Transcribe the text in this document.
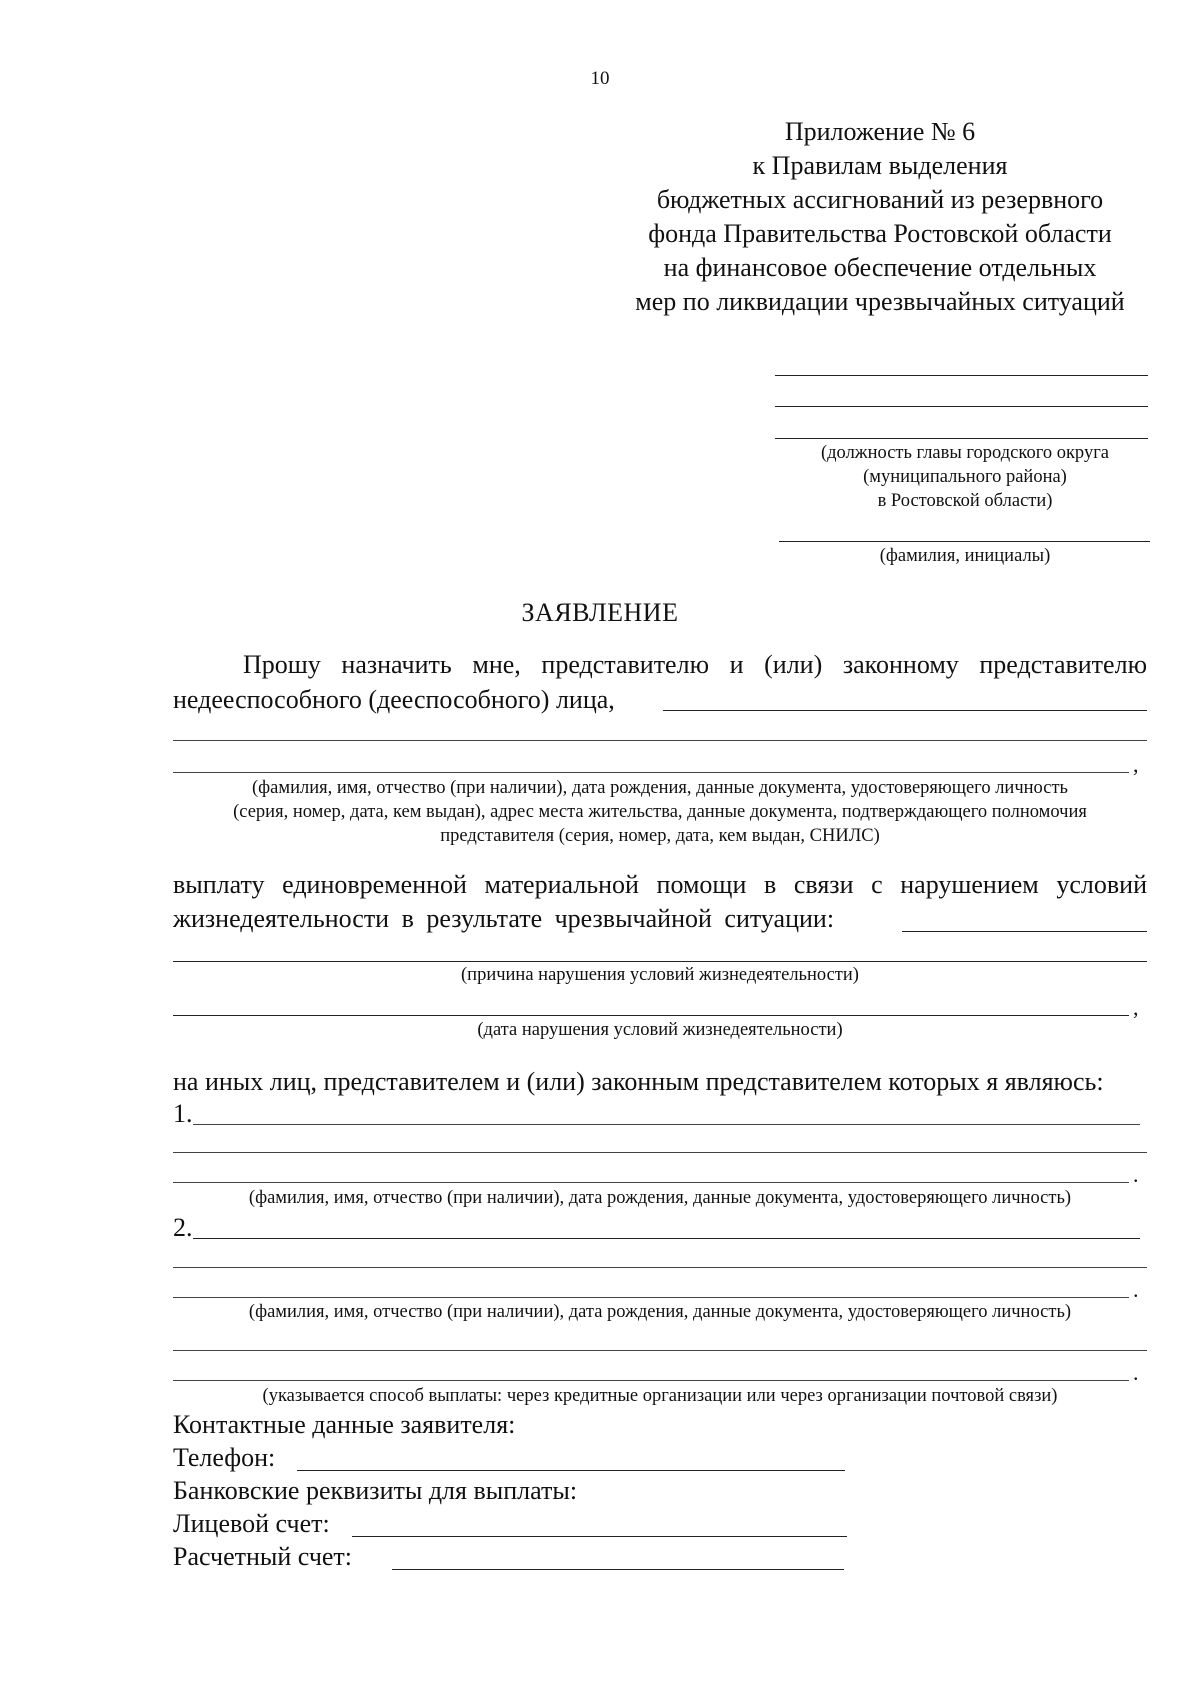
10
Приложение № 6
к Правилам выделения
бюджетных ассигнований из резервного
фонда Правительства Ростовской области
на финансовое обеспечение отдельных
мер по ликвидации чрезвычайных ситуаций
(должность главы городского округа
(муниципального района)
в Ростовской области)
(фамилия, инициалы)
ЗАЯВЛЕНИЕ
Прошу назначить мне, представителю и (или) законному представителю
недееспособного (дееспособного) лица,
,
(фамилия, имя, отчество (при наличии), дата рождения, данные документа, удостоверяющего личность
(серия, номер, дата, кем выдан), адрес места жительства, данные документа, подтверждающего полномочия
представителя (серия, номер, дата, кем выдан, СНИЛС)
выплату единовременной материальной помощи в связи с нарушением условий
жизнедеятельности в результате чрезвычайной ситуации:
(причина нарушения условий жизнедеятельности)
,
(дата нарушения условий жизнедеятельности)
на иных лиц, представителем и (или) законным представителем которых я являюсь:
1.
.
(фамилия, имя, отчество (при наличии), дата рождения, данные документа, удостоверяющего личность)
2.
.
(фамилия, имя, отчество (при наличии), дата рождения, данные документа, удостоверяющего личность)
.
(указывается способ выплаты: через кредитные организации или через организации почтовой связи)
Контактные данные заявителя:
Телефон:
Банковские реквизиты для выплаты:
Лицевой счет:
Расчетный счет:
